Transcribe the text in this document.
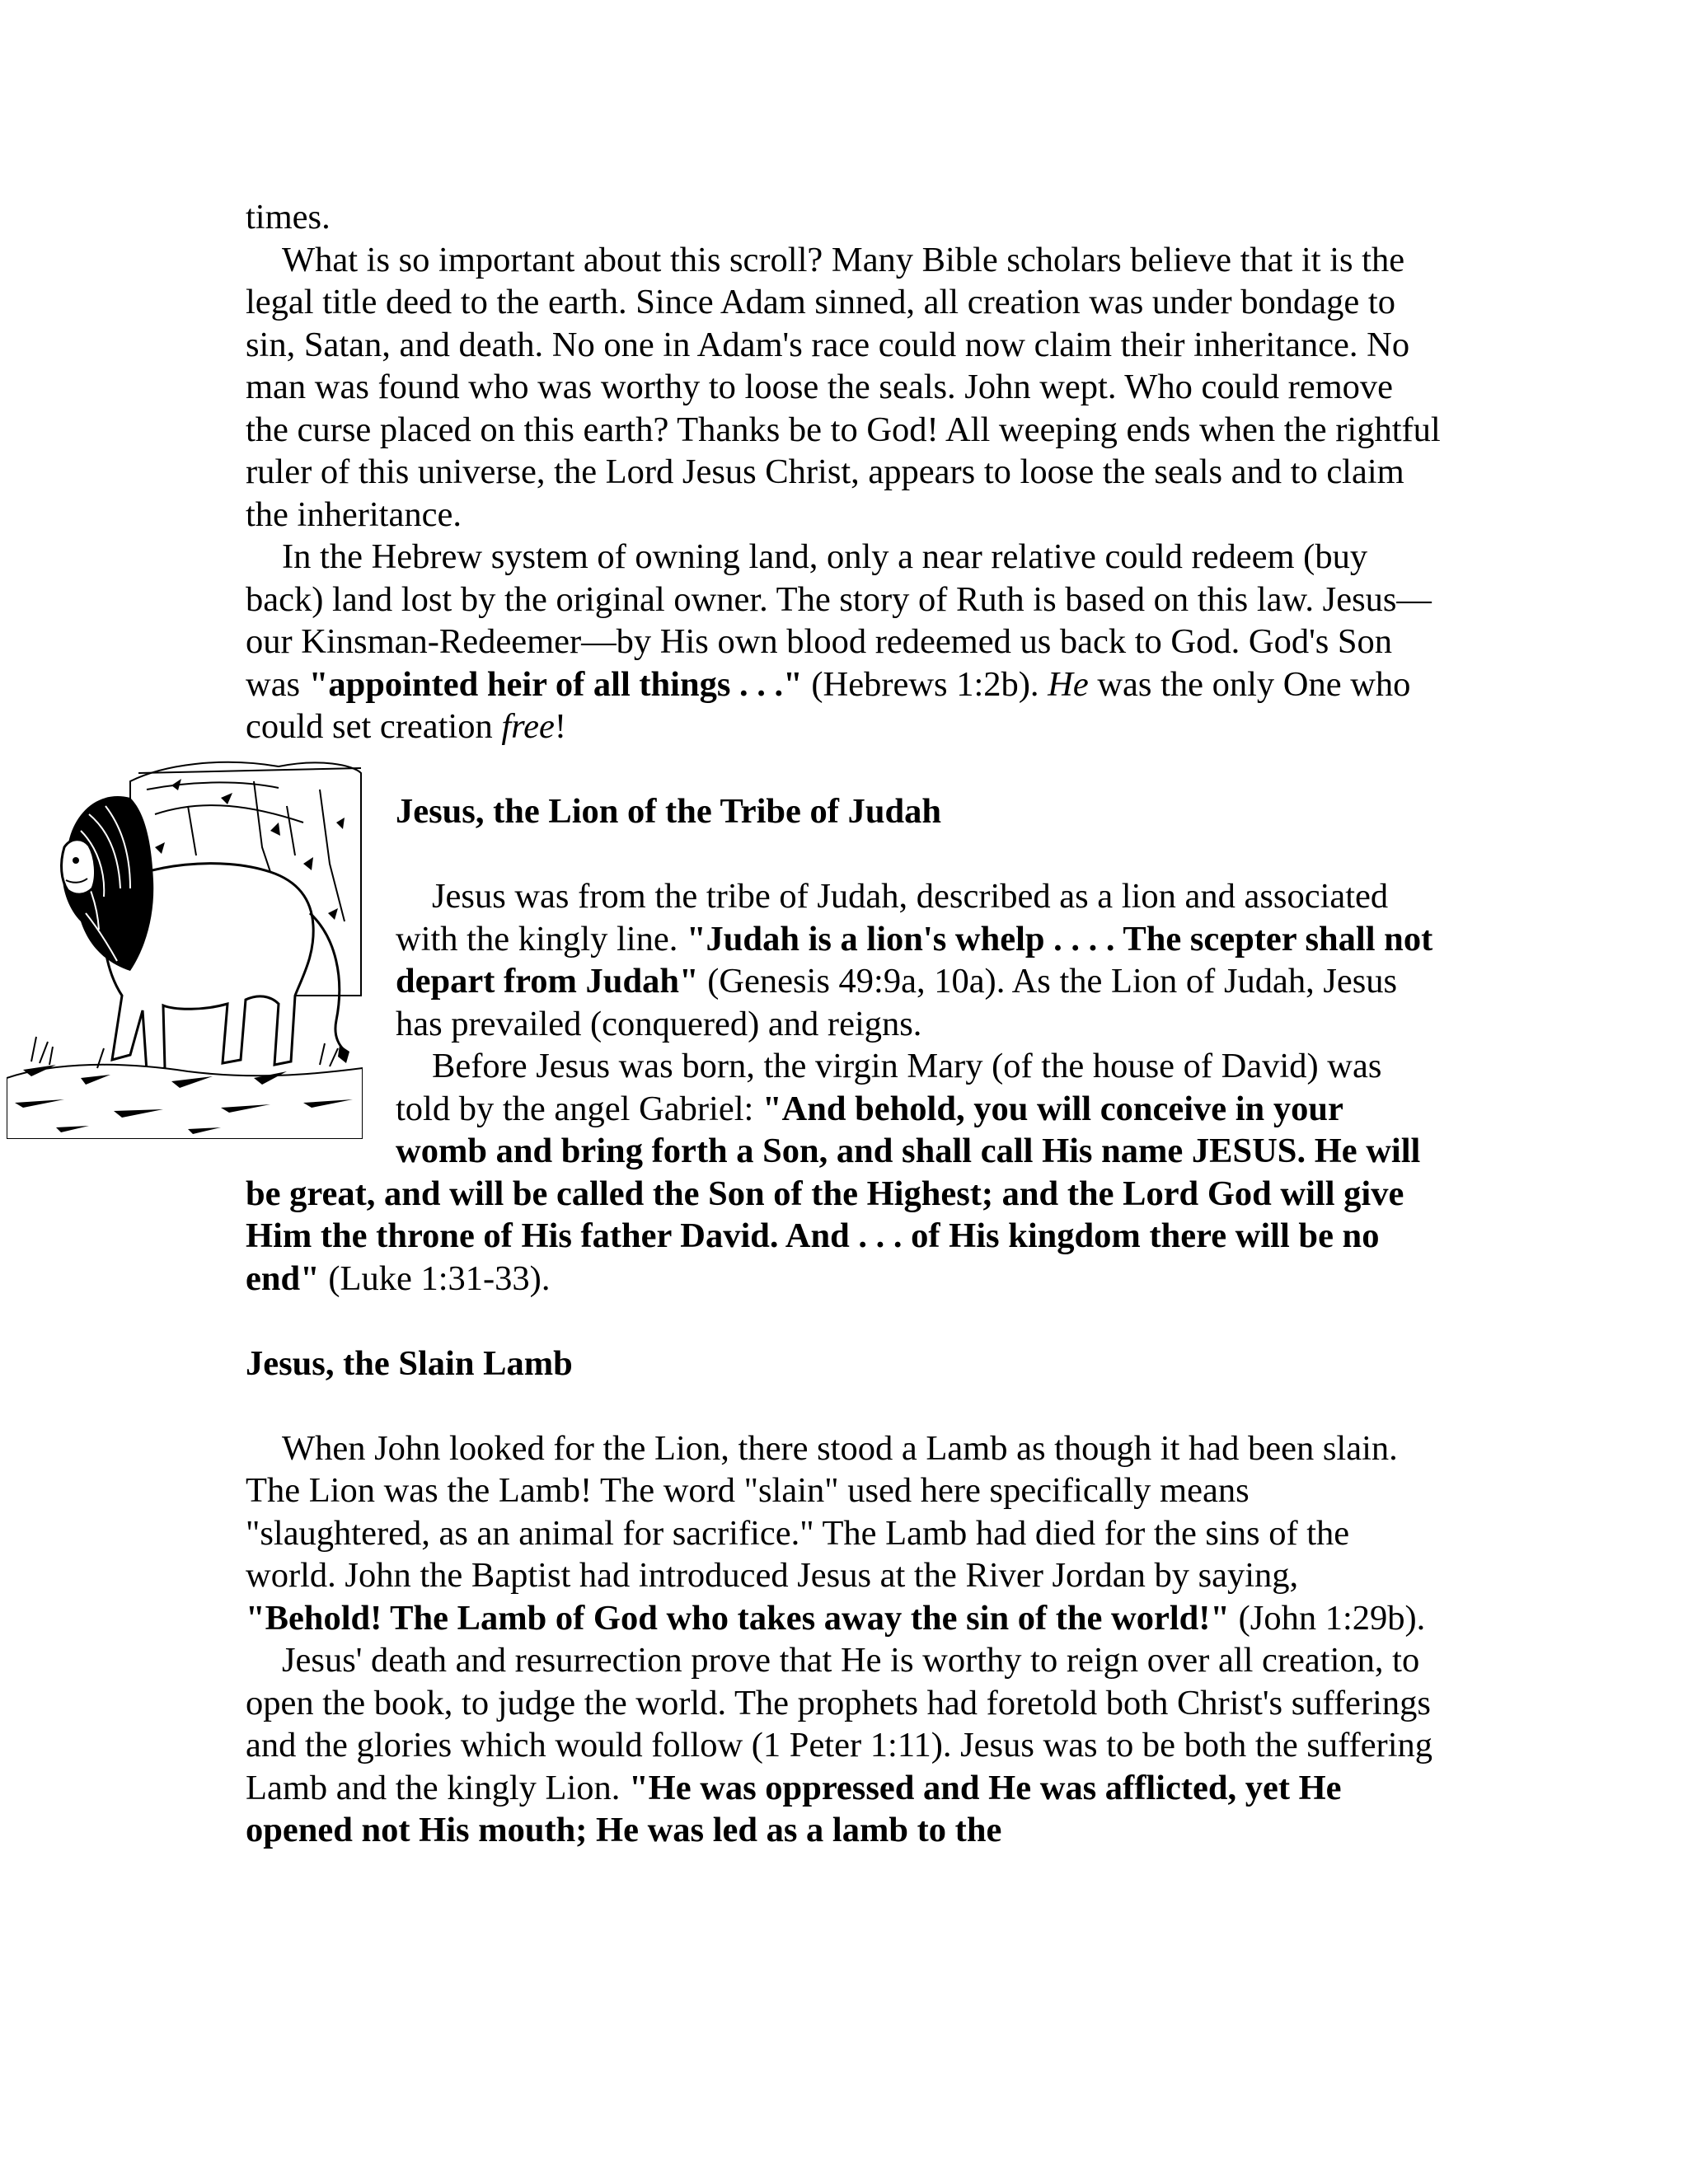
times.

What is so important about this scroll? Many Bible scholars believe that it is the legal title deed to the earth. Since Adam sinned, all creation was under bondage to sin, Satan, and death. No one in Adam's race could now claim their inheritance. No man was found who was worthy to loose the seals. John wept. Who could remove the curse placed on this earth? Thanks be to God! All weeping ends when the rightful ruler of this universe, the Lord Jesus Christ, appears to loose the seals and to claim the inheritance.

In the Hebrew system of owning land, only a near relative could redeem (buy back) land lost by the original owner. The story of Ruth is based on this law. Jesus—our Kinsman-Redeemer—by His own blood redeemed us back to God. God's Son was "appointed heir of all things . . ." (Hebrews 1:2b). He was the only One who could set creation free!

Jesus, the Lion of the Tribe of Judah

Jesus was from the tribe of Judah, described as a lion and associated with the kingly line. "Judah is a lion's whelp . . . . The scepter shall not depart from Judah" (Genesis 49:9a, 10a). As the Lion of Judah, Jesus has prevailed (conquered) and reigns.

Before Jesus was born, the virgin Mary (of the house of David) was told by the angel Gabriel: "And behold, you will conceive in your womb and bring forth a Son, and shall call His name JESUS. He will be great, and will be called the Son of the Highest; and the Lord God will give Him the throne of His father David. And . . . of His kingdom there will be no end" (Luke 1:31-33).

Jesus, the Slain Lamb

When John looked for the Lion, there stood a Lamb as though it had been slain. The Lion was the Lamb! The word "slain" used here specifically means "slaughtered, as an animal for sacrifice." The Lamb had died for the sins of the world. John the Baptist had introduced Jesus at the River Jordan by saying, "Behold! The Lamb of God who takes away the sin of the world!" (John 1:29b).

Jesus' death and resurrection prove that He is worthy to reign over all creation, to open the book, to judge the world. The prophets had foretold both Christ's sufferings and the glories which would follow (1 Peter 1:11). Jesus was to be both the suffering Lamb and the kingly Lion. "He was oppressed and He was afflicted, yet He opened not His mouth; He was led as a lamb to the
